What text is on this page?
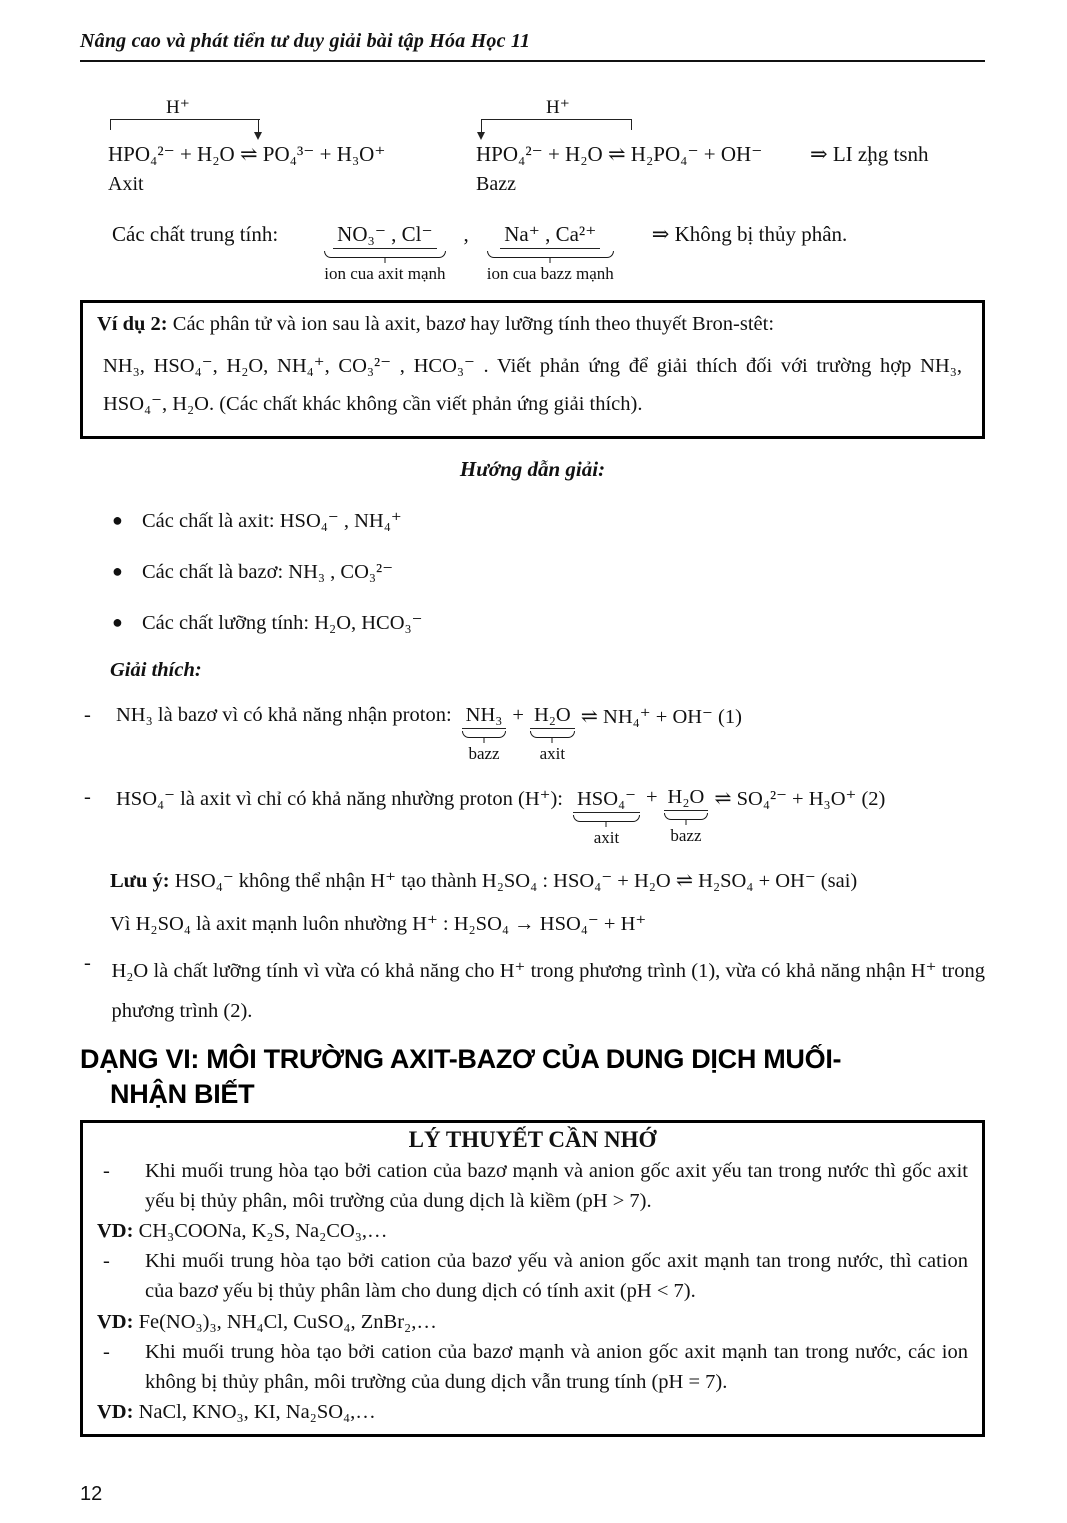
Nâng cao và phát tiển tư duy giải bài tập Hóa Học 11
H⁺
HPO₄²⁻ + H₂O ⇌ PO₄³⁻ + H₃O⁺
Axit
H⁺
HPO₄²⁻ + H₂O ⇌ H₂PO₄⁻ + OH⁻
Bazz
⇒ LI zḩg tsnh
Các chất trung tính:	NO₃⁻ , Cl⁻
ion cua axit mạnh
, Na⁺ , Ca²⁺
ion cua bazz mạnh
⇒ Không bị thủy phân.
Ví dụ 2: Các phân tử và ion sau là axit, bazơ hay lưỡng tính theo thuyết Bron-stêt:
NH₃, HSO₄⁻, H₂O, NH₄⁺, CO₃²⁻ , HCO₃⁻ . Viết phản ứng để giải thích đối với trường hợp NH₃, HSO₄⁻, H₂O. (Các chất khác không cần viết phản ứng giải thích).
Hướng dẫn giải:
● Các chất là axit: HSO₄⁻ , NH₄⁺
● Các chất là bazơ: NH₃ , CO₃²⁻
● Các chất lưỡng tính: H₂O, HCO₃⁻
Giải thích:
-	NH₃ là bazơ vì có khả năng nhận proton: NH₃
bazz
+ H₂O
axit
⇌ NH₄⁺ + OH⁻ (1)
-	HSO₄⁻ là axit vì chỉ có khả năng nhường proton (H⁺): HSO₄⁻
axit
+ H₂O
bazz
⇌ SO₄²⁻ + H₃O⁺ (2)
Lưu ý: HSO₄⁻ không thể nhận H⁺ tạo thành H₂SO₄ : HSO₄⁻ + H₂O ⇌ H₂SO₄ + OH⁻ (sai)
Vì H₂SO₄ là axit mạnh luôn nhường H⁺ : H₂SO₄ → HSO₄⁻ + H⁺
-	H₂O là chất lưỡng tính vì vừa có khả năng cho H⁺ trong phương trình (1), vừa có khả năng nhận H⁺ trong phương trình (2).
DẠNG VI: MÔI TRƯỜNG AXIT-BAZƠ CỦA DUNG DỊCH MUỐI-
NHẬN BIẾT
LÝ THUYẾT CẦN NHỚ
-	Khi muối trung hòa tạo bởi cation của bazơ mạnh và anion gốc axit yếu tan trong nước thì gốc axit yếu bị thủy phân, môi trường của dung dịch là kiềm (pH > 7).
VD: CH₃COONa, K₂S, Na₂CO₃,…
-	Khi muối trung hòa tạo bởi cation của bazơ yếu và anion gốc axit mạnh tan trong nước, thì cation của bazơ yếu bị thủy phân làm cho dung dịch có tính axit (pH < 7).
VD: Fe(NO₃)₃, NH₄Cl, CuSO₄, ZnBr₂,…
-	Khi muối trung hòa tạo bởi cation của bazơ mạnh và anion gốc axit mạnh tan trong nước, các ion không bị thủy phân, môi trường của dung dịch vẫn trung tính (pH = 7).
VD: NaCl, KNO₃, KI, Na₂SO₄,…
12
